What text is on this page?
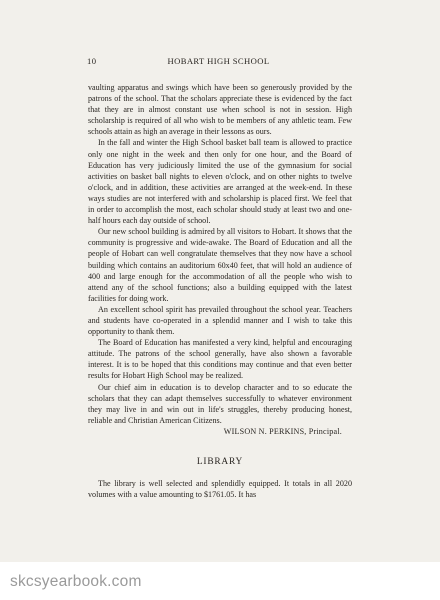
10	HOBART HIGH SCHOOL

vaulting apparatus and swings which have been so generously provided by the patrons of the school. That the scholars appreciate these is evidenced by the fact that they are in almost constant use when school is not in session. High scholarship is required of all who wish to be members of any athletic team. Few schools attain as high an average in their lessons as ours.

In the fall and winter the High School basket ball team is allowed to practice only one night in the week and then only for one hour, and the Board of Education has very judiciously limited the use of the gymnasium for social activities on basket ball nights to eleven o'clock, and on other nights to twelve o'clock, and in addition, these activities are arranged at the week-end. In these ways studies are not interfered with and scholarship is placed first. We feel that in order to accomplish the most, each scholar should study at least two and one-half hours each day outside of school.

Our new school building is admired by all visitors to Hobart. It shows that the community is progressive and wide-awake. The Board of Education and all the people of Hobart can well congratulate themselves that they now have a school building which contains an auditorium 60x40 feet, that will hold an audience of 400 and large enough for the accommodation of all the people who wish to attend any of the school functions; also a building equipped with the latest facilities for doing work.

An excellent school spirit has prevailed throughout the school year. Teachers and students have co-operated in a splendid manner and I wish to take this opportunity to thank them.

The Board of Education has manifested a very kind, helpful and encouraging attitude. The patrons of the school generally, have also shown a favorable interest. It is to be hoped that this conditions may continue and that even better results for Hobart High School may be realized.

Our chief aim in education is to develop character and to so educate the scholars that they can adapt themselves successfully to whatever environment they may live in and win out in life's struggles, thereby producing honest, reliable and Christian American Citizens.

WILSON N. PERKINS, Principal.
LIBRARY

The library is well selected and splendidly equipped. It totals in all 2020 volumes with a value amounting to $1761.05. It has

skcsyearbook.com
